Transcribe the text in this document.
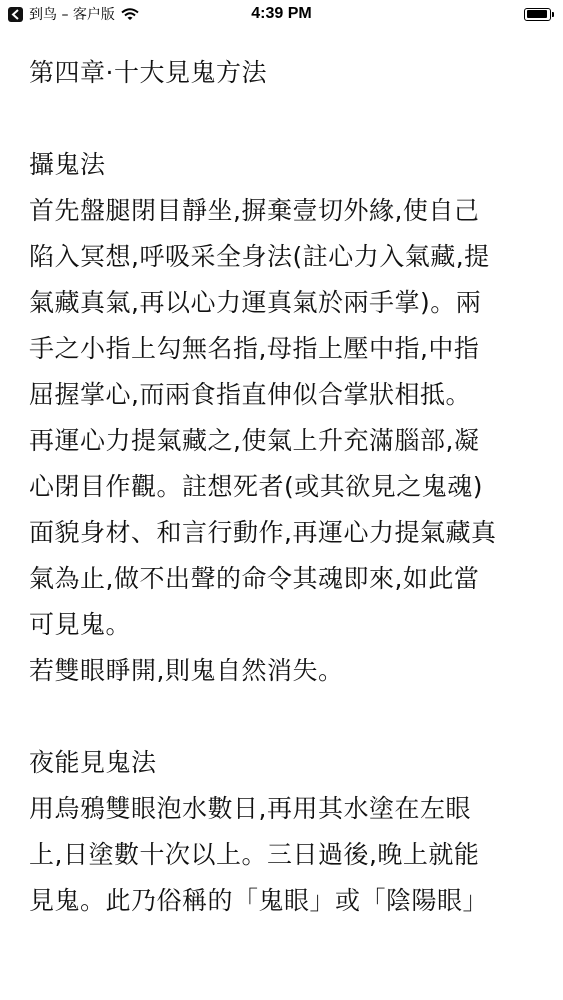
到鸟 – 客户版	4:39 PM
第四章·十大見鬼方法
攝鬼法
首先盤腿閉目靜坐,摒棄壹切外緣,使自己
陷入冥想,呼吸采全身法(註心力入氣藏,提
氣藏真氣,再以心力運真氣於兩手掌)。兩
手之小指上勾無名指,母指上壓中指,中指
屈握掌心,而兩食指直伸似合掌狀相抵。
再運心力提氣藏之,使氣上升充滿腦部,凝
心閉目作觀。註想死者(或其欲見之鬼魂)
面貌身材、和言行動作,再運心力提氣藏真
氣為止,做不出聲的命令其魂即來,如此當
可見鬼。
若雙眼睜開,則鬼自然消失。
夜能見鬼法
用烏鴉雙眼泡水數日,再用其水塗在左眼
上,日塗數十次以上。三日過後,晚上就能
見鬼。此乃俗稱的「鬼眼」或「陰陽眼」
